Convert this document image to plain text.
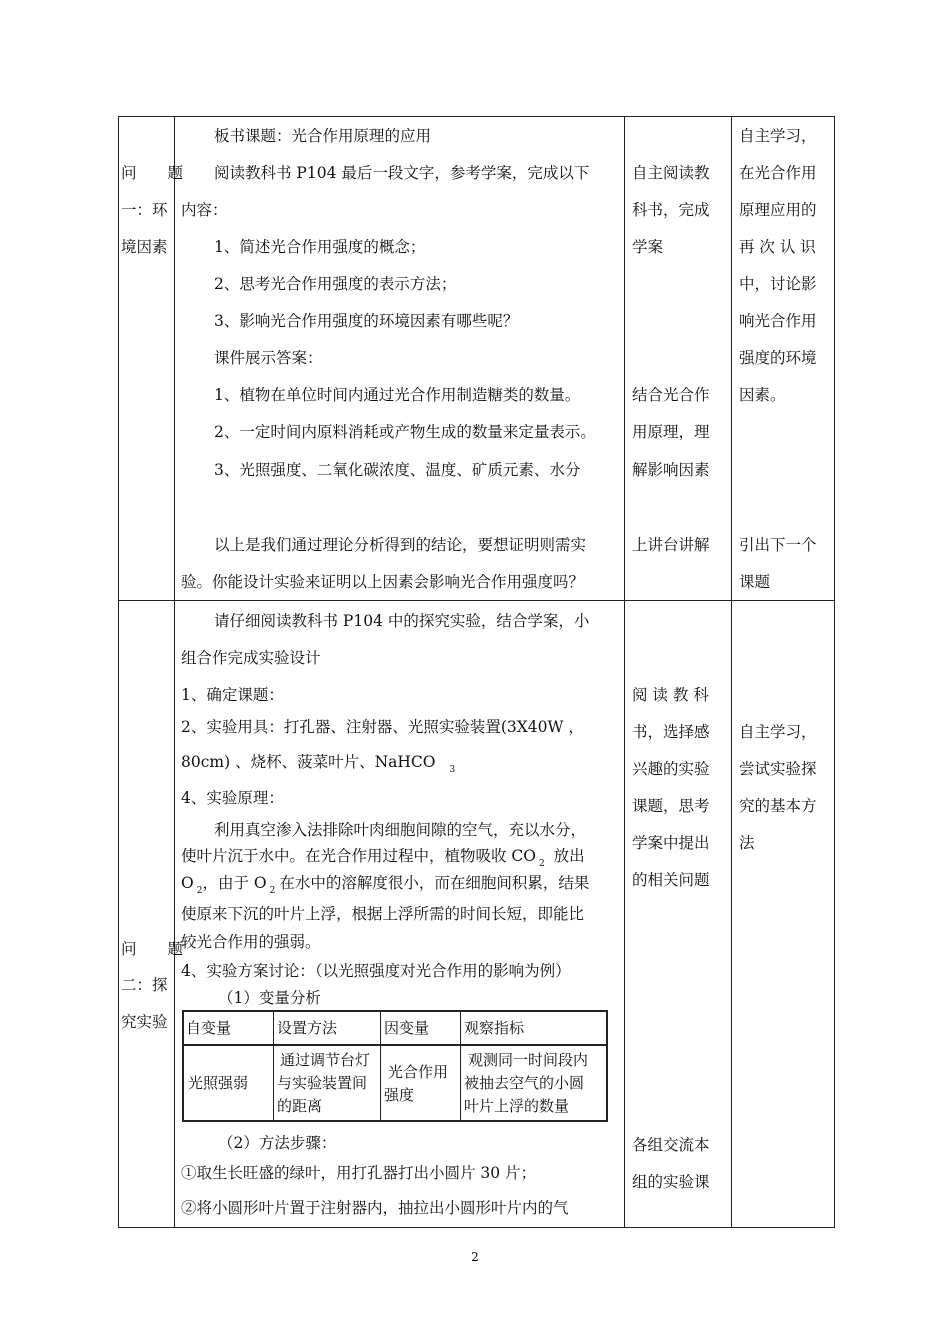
问　　题
一：环
境因素
板书课题：光合作用原理的应用
阅读教科书 P104 最后一段文字，参考学案，完成以下
内容：
1、简述光合作用强度的概念；
2、思考光合作用强度的表示方法；
3、影响光合作用强度的环境因素有哪些呢？
课件展示答案：
1、植物在单位时间内通过光合作用制造糖类的数量。
2、一定时间内原料消耗或产物生成的数量来定量表示。
3、光照强度、二氧化碳浓度、温度、矿质元素、水分
以上是我们通过理论分析得到的结论，要想证明则需实
验。你能设计实验来证明以上因素会影响光合作用强度吗？
自主阅读教
科书，完成
学案
结合光合作
用原理，理
解影响因素
上讲台讲解
自主学习，
在光合作用
原理应用的
再 次 认 识
中，讨论影
响光合作用
强度的环境
因素。
引出下一个
课题
问　　题
二：探
究实验
请仔细阅读教科书 P104 中的探究实验，结合学案，小
组合作完成实验设计
1、确定课题：
2、实验用具：打孔器、注射器、光照实验装置(3X40W ，
80cm) 、烧杯、菠菜叶片、NaHCO $_3$
4、实验原理：
利用真空渗入法排除叶肉细胞间隙的空气，充以水分，
使叶片沉于水中。在光合作用过程中，植物吸收 CO $_2$ 放出
O $_2$，由于 O $_2$ 在水中的溶解度很小，而在细胞间积累，结果
使原来下沉的叶片上浮，根据上浮所需的时间长短，即能比
较光合作用的强弱。
4、实验方案讨论：（以光照强度对光合作用的影响为例）
（1）变量分析
自变量	设置方法	因变量 观察指标
光照强弱
通过调节台灯
与实验装置间
的距离
光合作用
强度
观测同一时间段内
被抽去空气的小圆
叶片上浮的数量
（2）方法步骤：
①取生长旺盛的绿叶，用打孔器打出小圆片 30 片；
②将小圆形叶片置于注射器内，抽拉出小圆形叶片内的气
阅 读 教 科
书，选择感
兴趣的实验
课题，思考
学案中提出
的相关问题
各组交流本
组的实验课
自主学习，
尝试实验探
究的基本方
法
2
